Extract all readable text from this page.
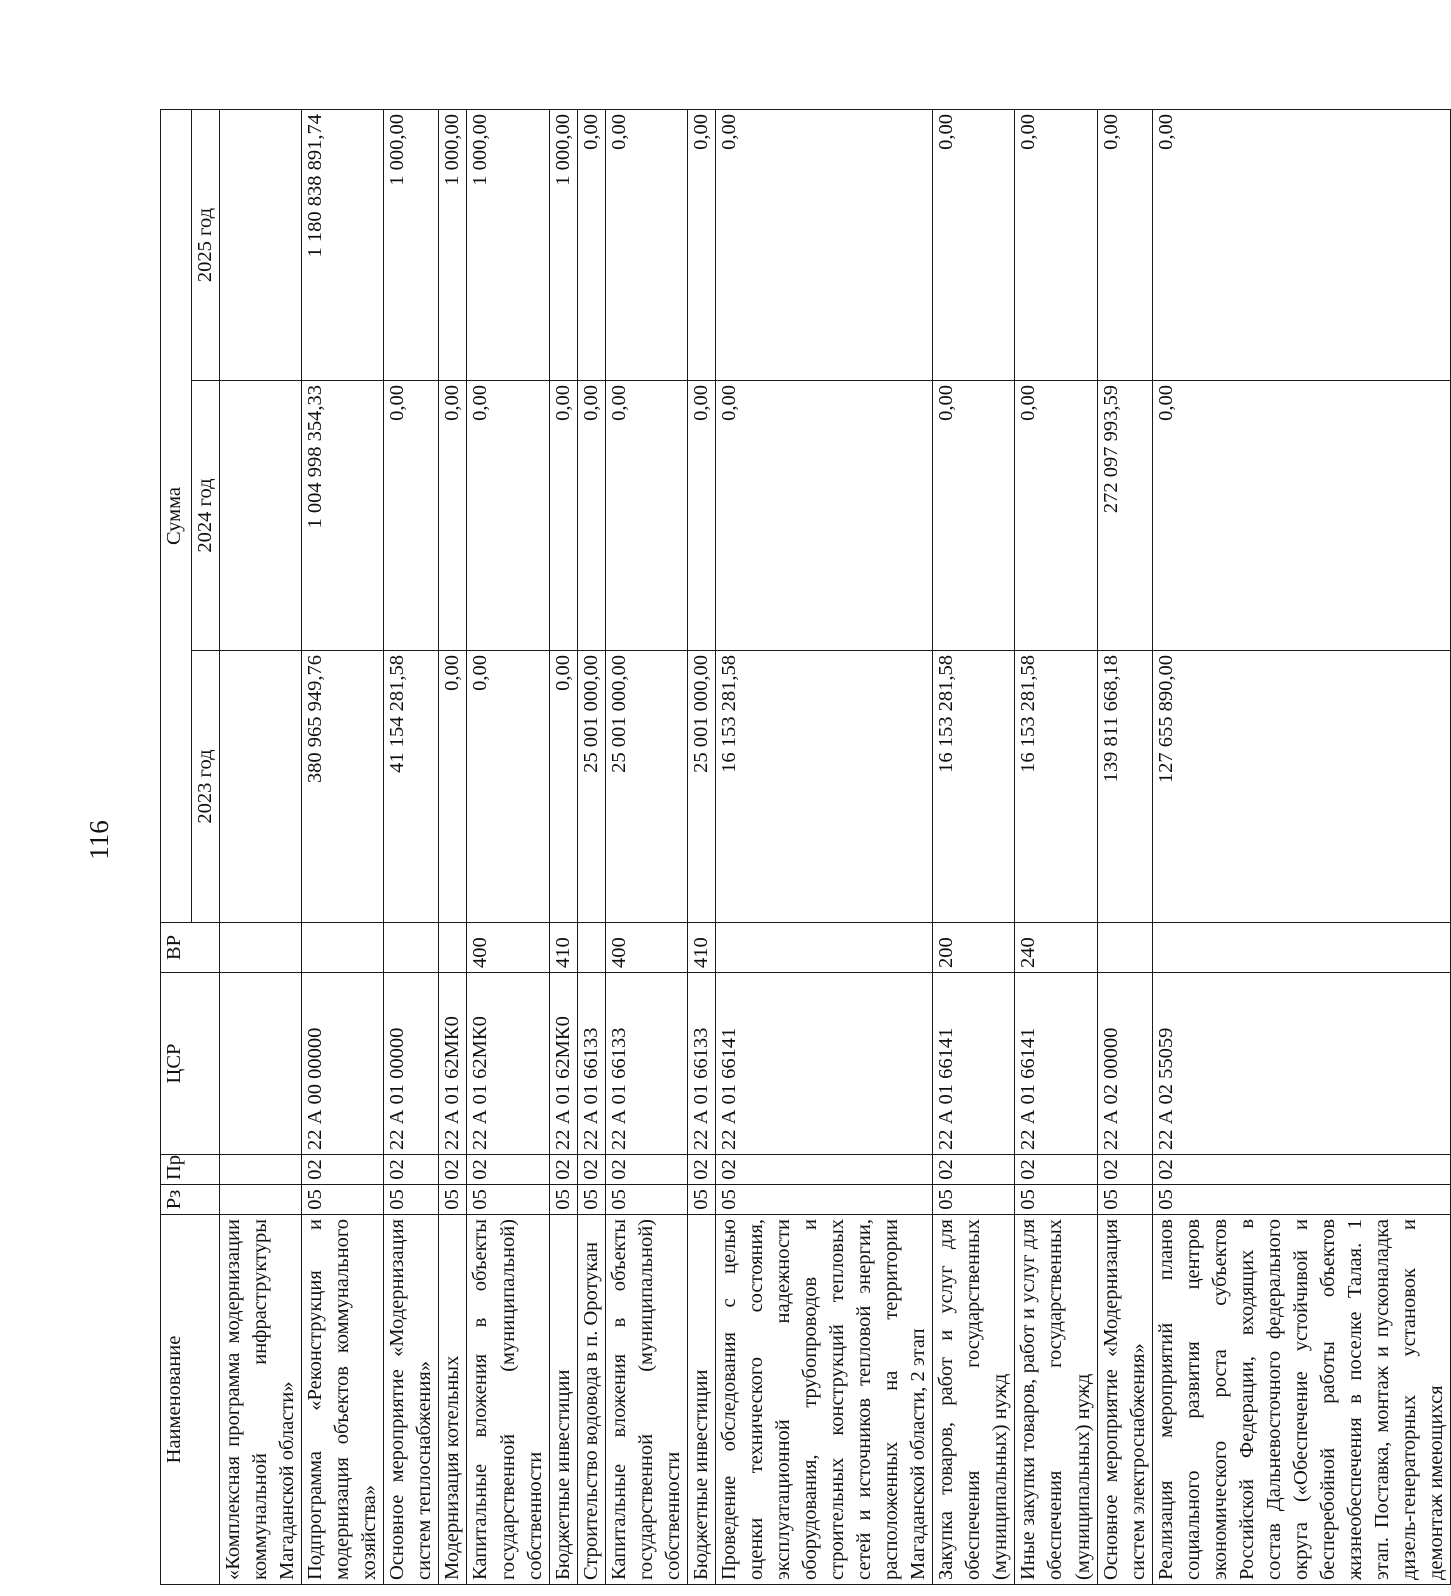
116
Наименование	Рз	Пр	ЦСР	ВР	Сумма		
					2023 год	2024 год	2025 год
«Комплексная программа модернизации коммунальной инфраструктуры Магаданской области»							
Подпрограмма «Реконструкция и модернизация объектов коммунального хозяйства»	05	02	22 А 00 00000		380 965 949,76	1 004 998 354,33	1 180 838 891,74
Основное мероприятие «Модернизация систем теплоснабжения»	05	02	22 А 01 00000		41 154 281,58	0,00	1 000,00
Модернизация котельных	05	02	22 А 01 62МК0		0,00	0,00	1 000,00
Капитальные вложения в объекты государственной (муниципальной) собственности	05	02	22 А 01 62МК0	400	0,00	0,00	1 000,00
Бюджетные инвестиции	05	02	22 А 01 62МК0	410	0,00	0,00	1 000,00
Строительство водовода в п. Оротукан	05	02	22 А 01 66133		25 001 000,00	0,00	0,00
Капитальные вложения в объекты государственной (муниципальной) собственности	05	02	22 А 01 66133	400	25 001 000,00	0,00	0,00
Бюджетные инвестиции	05	02	22 А 01 66133	410	25 001 000,00	0,00	0,00
Проведение обследования с целью оценки технического состояния, эксплуатационной надежности оборудования, трубопроводов и строительных конструкций тепловых сетей и источников тепловой энергии, расположенных на территории Магаданской области, 2 этап	05	02	22 А 01 66141		16 153 281,58	0,00	0,00
Закупка товаров, работ и услуг для обеспечения государственных (муниципальных) нужд	05	02	22 А 01 66141	200	16 153 281,58	0,00	0,00
Иные закупки товаров, работ и услуг для обеспечения государственных (муниципальных) нужд	05	02	22 А 01 66141	240	16 153 281,58	0,00	0,00
Основное мероприятие «Модернизация систем электроснабжения»	05	02	22 А 02 00000		139 811 668,18	272 097 993,59	0,00
Реализация мероприятий планов социального развития центров экономического роста субъектов Российской Федерации, входящих в состав Дальневосточного федерального округа («Обеспечение устойчивой и бесперебойной работы объектов жизнеобеспечения в поселке Талая. 1 этап. Поставка, монтаж и пусконаладка дизель-генераторных установок и демонтаж имеющихся	05	02	22 А 02 55059		127 655 890,00	0,00	0,00
